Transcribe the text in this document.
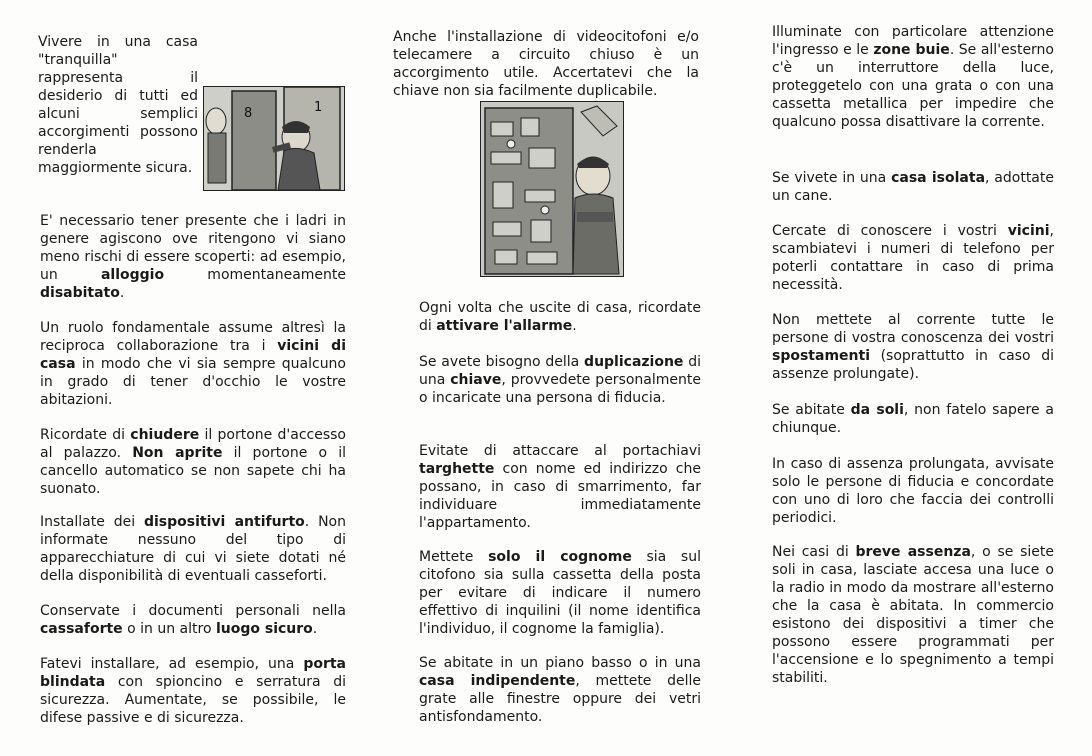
Vivere in una casa "tranquilla" rappresenta il desiderio di tutti ed alcuni semplici accorgimenti possono renderla maggiormente sicura.

8	1

E' necessario tener presente che i ladri in genere agiscono ove ritengono vi siano meno rischi di essere scoperti: ad esempio, un alloggio momentaneamente disabitato.

Un ruolo fondamentale assume altresì la reciproca collaborazione tra i vicini di casa in modo che vi sia sempre qualcuno in grado di tener d'occhio le vostre abitazioni.

Ricordate di chiudere il portone d'accesso al palazzo. Non aprite il portone o il cancello automatico se non sapete chi ha suonato.

Installate dei dispositivi antifurto. Non informate nessuno del tipo di apparecchiature di cui vi siete dotati né della disponibilità di eventuali casseforti.

Conservate i documenti personali nella cassaforte o in un altro luogo sicuro.

Fatevi installare, ad esempio, una porta blindata con spioncino e serratura di sicurezza. Aumentate, se possibile, le difese passive e di sicurezza.

Anche l'installazione di videocitofoni e/o telecamere a circuito chiuso è un accorgimento utile. Accertatevi che la chiave non sia facilmente duplicabile.

Ogni volta che uscite di casa, ricordate di attivare l'allarme.

Se avete bisogno della duplicazione di una chiave, provvedete personalmente o incaricate una persona di fiducia.

Evitate di attaccare al portachiavi targhette con nome ed indirizzo che possano, in caso di smarrimento, far individuare immediatamente l'appartamento.

Mettete solo il cognome sia sul citofono sia sulla cassetta della posta per evitare di indicare il numero effettivo di inquilini (il nome identifica l'individuo, il cognome la famiglia).

Se abitate in un piano basso o in una casa indipendente, mettete delle grate alle finestre oppure dei vetri antisfondamento.

Illuminate con particolare attenzione l'ingresso e le zone buie. Se all'esterno c'è un interruttore della luce, proteggetelo con una grata o con una cassetta metallica per impedire che qualcuno possa disattivare la corrente.

Se vivete in una casa isolata, adottate un cane.

Cercate di conoscere i vostri vicini, scambiatevi i numeri di telefono per poterli contattare in caso di prima necessità.

Non mettete al corrente tutte le persone di vostra conoscenza dei vostri spostamenti (soprattutto in caso di assenze prolungate).

Se abitate da soli, non fatelo sapere a chiunque.

In caso di assenza prolungata, avvisate solo le persone di fiducia e concordate con uno di loro che faccia dei controlli periodici.

Nei casi di breve assenza, o se siete soli in casa, lasciate accesa una luce o la radio in modo da mostrare all'esterno che la casa è abitata. In commercio esistono dei dispositivi a timer che possono essere programmati per l'accensione e lo spegnimento a tempi stabiliti.
